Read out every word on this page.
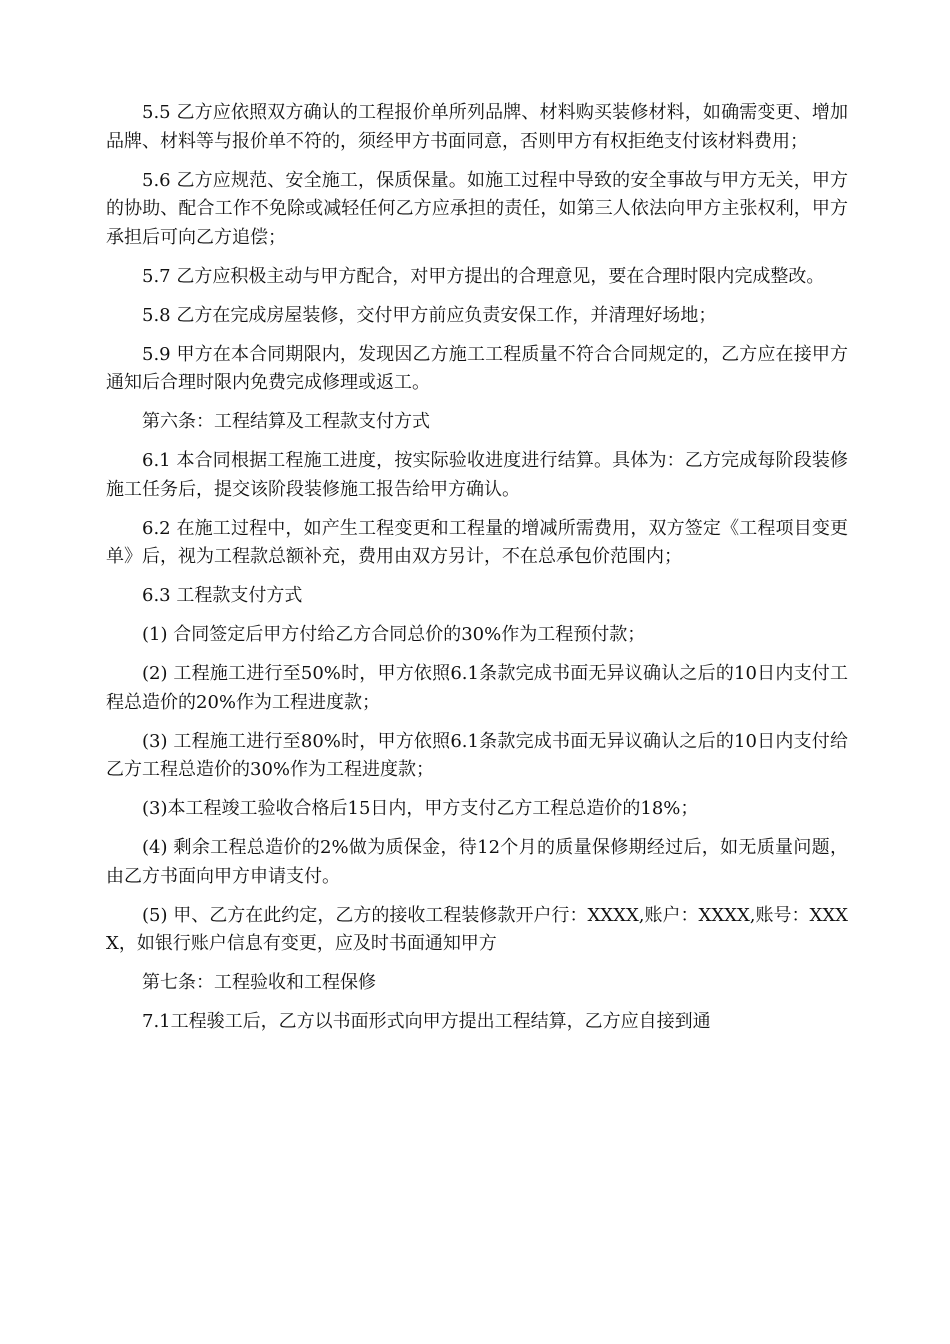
5.5 乙方应依照双方确认的工程报价单所列品牌、材料购买装修材料，如确需变更、增加品牌、材料等与报价单不符的，须经甲方书面同意，否则甲方有权拒绝支付该材料费用；

5.6 乙方应规范、安全施工，保质保量。如施工过程中导致的安全事故与甲方无关，甲方的协助、配合工作不免除或减轻任何乙方应承担的责任，如第三人依法向甲方主张权利，甲方承担后可向乙方追偿；

5.7 乙方应积极主动与甲方配合，对甲方提出的合理意见，要在合理时限内完成整改。

5.8 乙方在完成房屋装修，交付甲方前应负责安保工作，并清理好场地；

5.9 甲方在本合同期限内，发现因乙方施工工程质量不符合合同规定的，乙方应在接甲方通知后合理时限内免费完成修理或返工。

第六条：工程结算及工程款支付方式

6.1 本合同根据工程施工进度，按实际验收进度进行结算。具体为：乙方完成每阶段装修施工任务后，提交该阶段装修施工报告给甲方确认。

6.2 在施工过程中，如产生工程变更和工程量的增减所需费用，双方签定《工程项目变更单》后，视为工程款总额补充，费用由双方另计，不在总承包价范围内；

6.3 工程款支付方式

(1) 合同签定后甲方付给乙方合同总价的30%作为工程预付款；

(2) 工程施工进行至50%时，甲方依照6.1条款完成书面无异议确认之后的10日内支付工程总造价的20%作为工程进度款；

(3) 工程施工进行至80%时，甲方依照6.1条款完成书面无异议确认之后的10日内支付给乙方工程总造价的30%作为工程进度款；

(3)本工程竣工验收合格后15日内，甲方支付乙方工程总造价的18%；

(4) 剩余工程总造价的2%做为质保金，待12个月的质量保修期经过后，如无质量问题，由乙方书面向甲方申请支付。

(5) 甲、乙方在此约定，乙方的接收工程装修款开户行：XXXX,账户：XXXX,账号：XXXX，如银行账户信息有变更，应及时书面通知甲方

第七条：工程验收和工程保修

7.1工程骏工后，乙方以书面形式向甲方提出工程结算，乙方应自接到通
